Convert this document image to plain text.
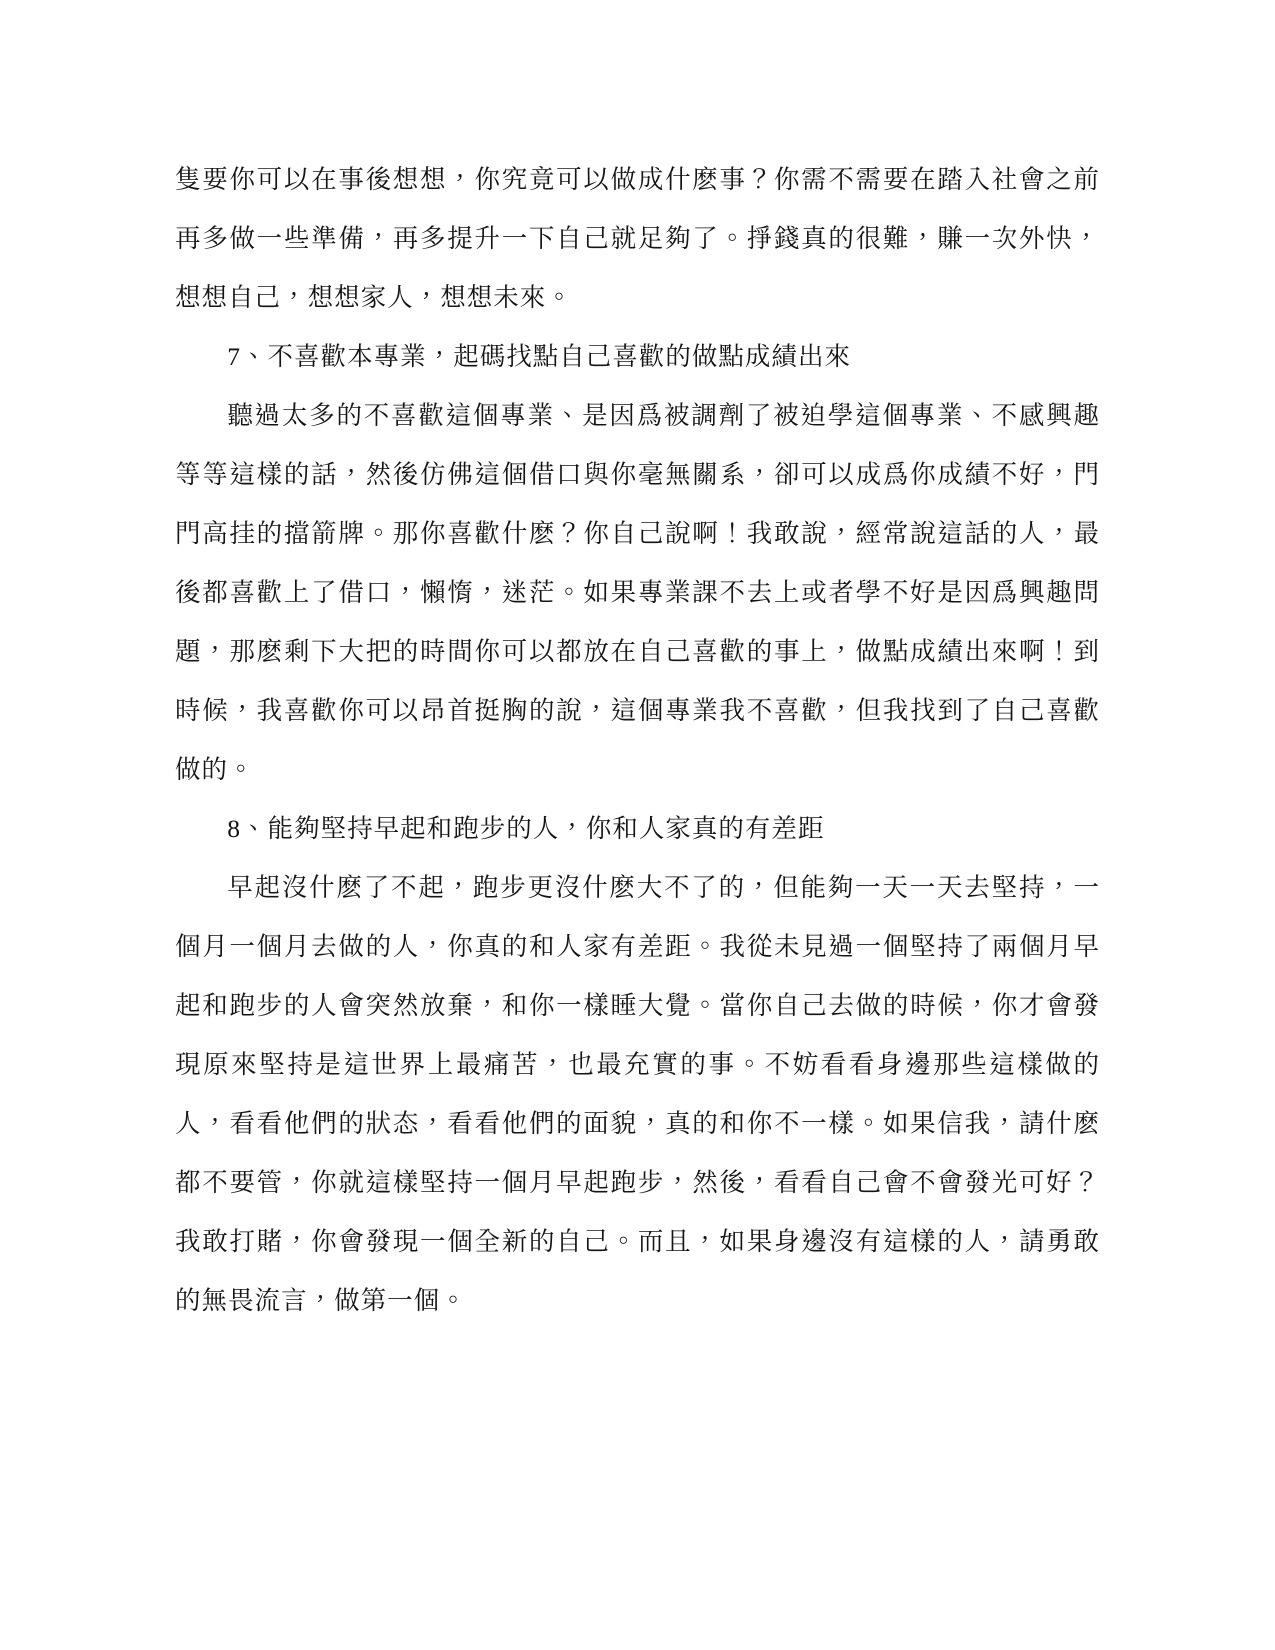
隻要你可以在事後想想，你究竟可以做成什麽事？你需不需要在踏入社會之前再多做一些準備，再多提升一下自己就足夠了。掙錢真的很難，賺一次外快，想想自己，想想家人，想想未來。

7、不喜歡本專業，起碼找點自己喜歡的做點成績出來

聽過太多的不喜歡這個專業、是因爲被調劑了被迫學這個專業、不感興趣等等這樣的話，然後仿佛這個借口與你毫無關系，卻可以成爲你成績不好，門門高挂的擋箭牌。那你喜歡什麽？你自己說啊！我敢說，經常說這話的人，最後都喜歡上了借口，懶惰，迷茫。如果專業課不去上或者學不好是因爲興趣問題，那麽剩下大把的時間你可以都放在自己喜歡的事上，做點成績出來啊！到時候，我喜歡你可以昂首挺胸的說，這個專業我不喜歡，但我找到了自己喜歡做的。

8、能夠堅持早起和跑步的人，你和人家真的有差距

早起沒什麽了不起，跑步更沒什麽大不了的，但能夠一天一天去堅持，一個月一個月去做的人，你真的和人家有差距。我從未見過一個堅持了兩個月早起和跑步的人會突然放棄，和你一樣睡大覺。當你自己去做的時候，你才會發現原來堅持是這世界上最痛苦，也最充實的事。不妨看看身邊那些這樣做的人，看看他們的狀态，看看他們的面貌，真的和你不一樣。如果信我，請什麽都不要管，你就這樣堅持一個月早起跑步，然後，看看自己會不會發光可好？我敢打賭，你會發現一個全新的自己。而且，如果身邊沒有這樣的人，請勇敢的無畏流言，做第一個。
